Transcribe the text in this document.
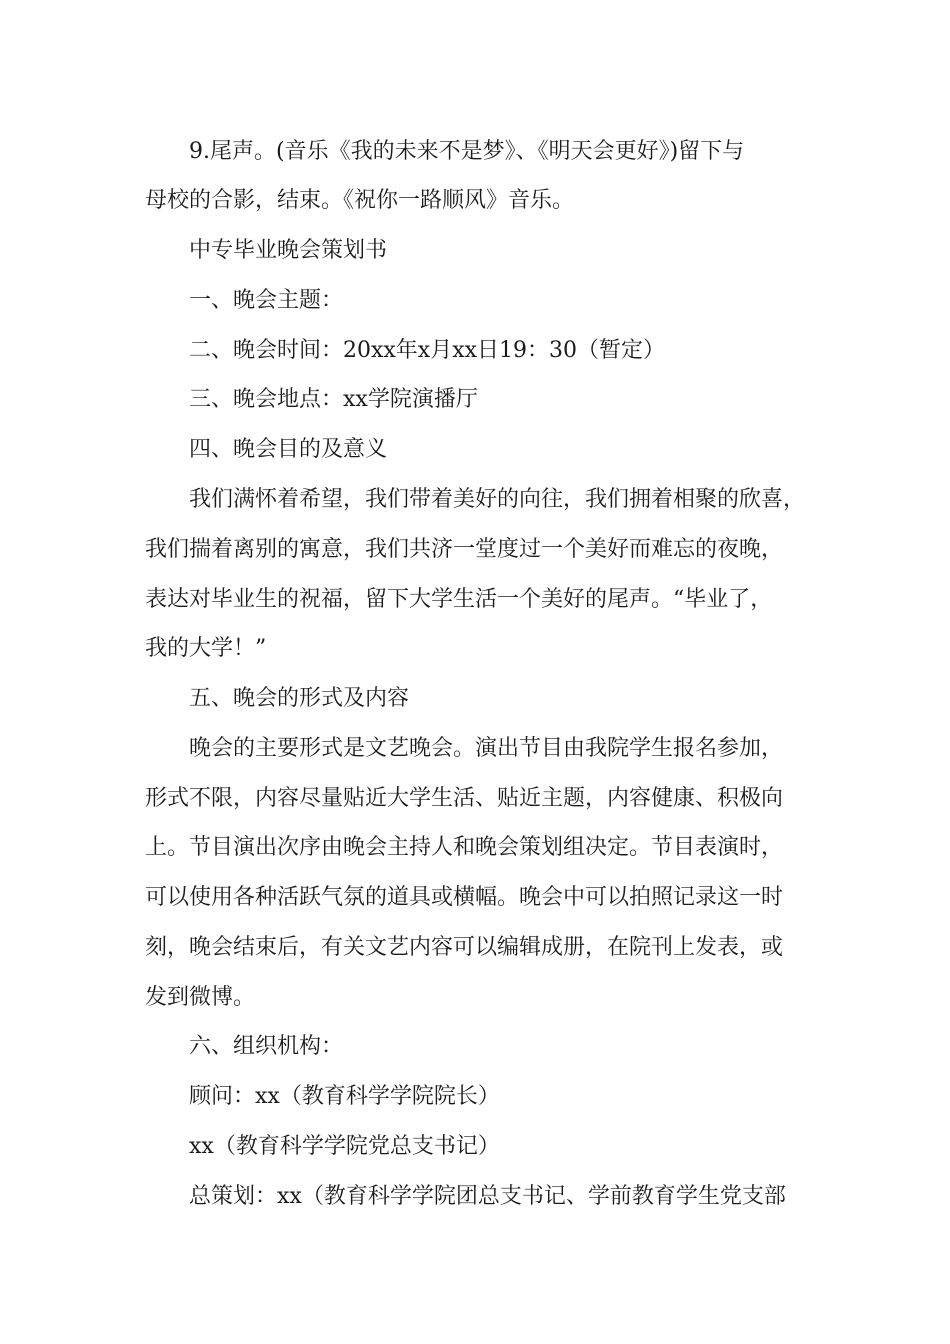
9.尾声。(音乐《我的未来不是梦》、《明天会更好》)留下与

母校的合影，结束。《祝你一路顺风》音乐。

中专毕业晚会策划书

一、晚会主题：

二、晚会时间：20xx年x月xx日19：30（暂定）

三、晚会地点：xx学院演播厅

四、晚会目的及意义

我们满怀着希望，我们带着美好的向往，我们拥着相聚的欣喜，

我们揣着离别的寓意，我们共济一堂度过一个美好而难忘的夜晚，

表达对毕业生的祝福，留下大学生活一个美好的尾声。“毕业了，

我的大学！”

五、晚会的形式及内容

晚会的主要形式是文艺晚会。演出节目由我院学生报名参加，

形式不限，内容尽量贴近大学生活、贴近主题，内容健康、积极向

上。节目演出次序由晚会主持人和晚会策划组决定。节目表演时，

可以使用各种活跃气氛的道具或横幅。晚会中可以拍照记录这一时

刻，晚会结束后，有关文艺内容可以编辑成册，在院刊上发表，或

发到微博。

六、组织机构：

顾问：xx（教育科学学院院长）

xx（教育科学学院党总支书记）

总策划：xx（教育科学学院团总支书记、学前教育学生党支部
